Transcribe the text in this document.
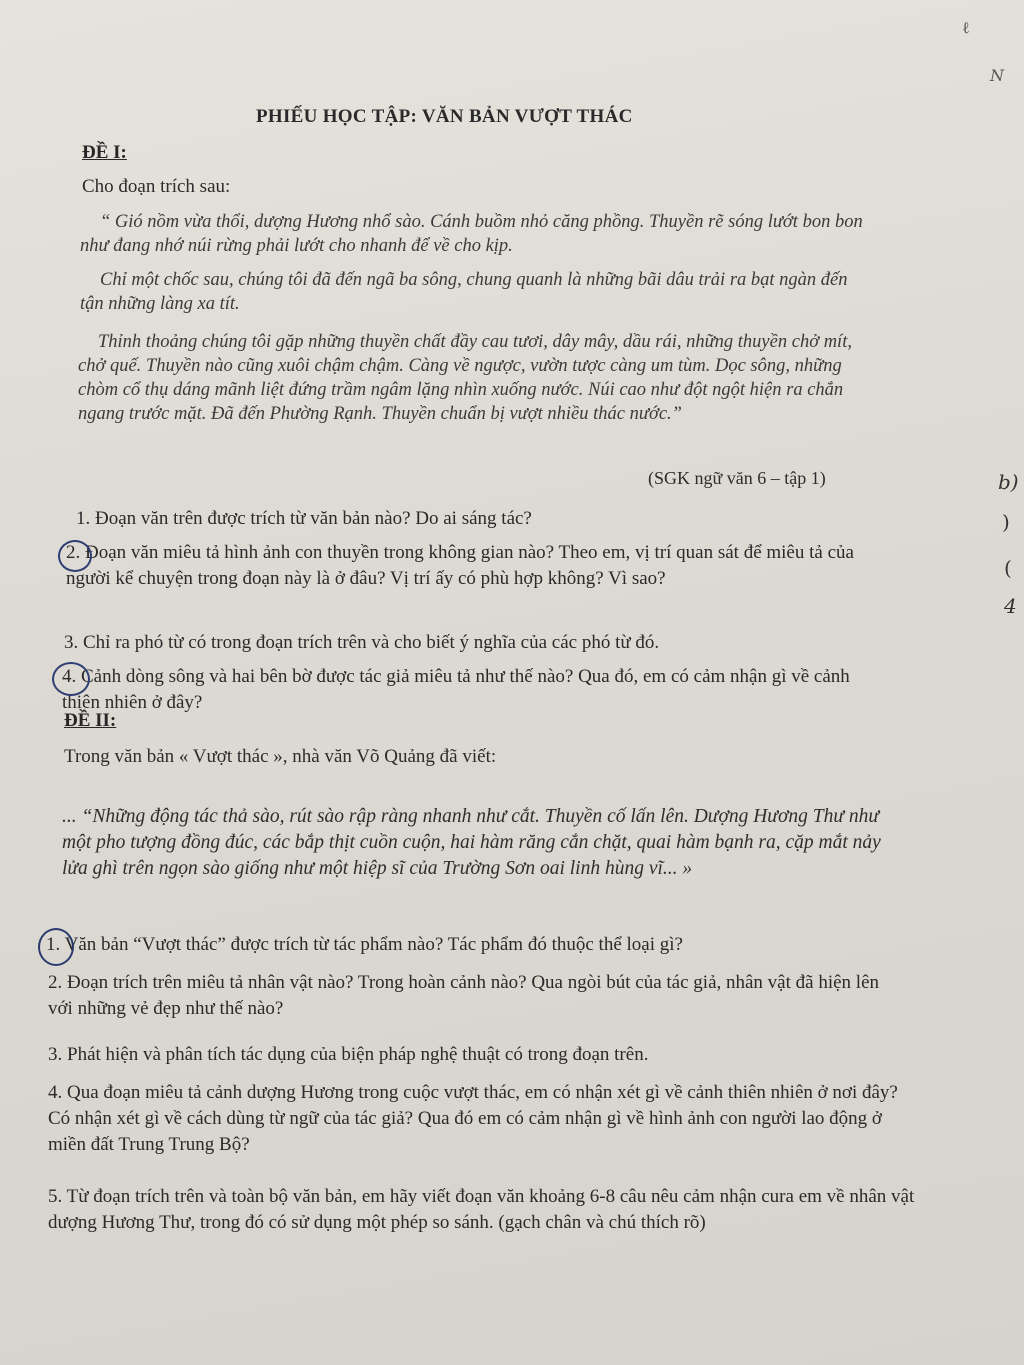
PHIẾU HỌC TẬP: VĂN BẢN VƯỢT THÁC
ĐỀ I:
Cho đoạn trích sau:
“ Gió nồm vừa thổi, dượng Hương nhổ sào. Cánh buồm nhỏ căng phồng. Thuyền rẽ sóng lướt bon bon như đang nhớ núi rừng phải lướt cho nhanh để về cho kịp.
Chỉ một chốc sau, chúng tôi đã đến ngã ba sông, chung quanh là những bãi dâu trải ra bạt ngàn đến tận những làng xa tít.
Thỉnh thoảng chúng tôi gặp những thuyền chất đầy cau tươi, dây mây, dầu rái, những thuyền chở mít, chở quế. Thuyền nào cũng xuôi chậm chậm. Càng về ngược, vườn tược càng um tùm. Dọc sông, những chòm cổ thụ dáng mãnh liệt đứng trầm ngâm lặng nhìn xuống nước. Núi cao như đột ngột hiện ra chắn ngang trước mặt. Đã đến Phường Rạnh. Thuyền chuẩn bị vượt nhiều thác nước.”
(SGK ngữ văn 6 – tập 1)
1. Đoạn văn trên được trích từ văn bản nào? Do ai sáng tác?
2. Đoạn văn miêu tả hình ảnh con thuyền trong không gian nào? Theo em, vị trí quan sát để miêu tả của người kể chuyện trong đoạn này là ở đâu? Vị trí ấy có phù hợp không? Vì sao?
3. Chỉ ra phó từ có trong đoạn trích trên và cho biết ý nghĩa của các phó từ đó.
4. Cảnh dòng sông và hai bên bờ được tác giả miêu tả như thế nào? Qua đó, em có cảm nhận gì về cảnh thiên nhiên ở đây?
ĐỀ II:
Trong văn bản « Vượt thác », nhà văn Võ Quảng đã viết:
... “Những động tác thả sào, rút sào rập ràng nhanh như cắt. Thuyền cố lấn lên. Dượng Hương Thư như một pho tượng đồng đúc, các bắp thịt cuồn cuộn, hai hàm răng cắn chặt, quai hàm bạnh ra, cặp mắt nảy lửa ghì trên ngọn sào giống như một hiệp sĩ của Trường Sơn oai linh hùng vĩ... »
1. Văn bản “Vượt thác” được trích từ tác phẩm nào? Tác phẩm đó thuộc thể loại gì?
2. Đoạn trích trên miêu tả nhân vật nào? Trong hoàn cảnh nào? Qua ngòi bút của tác giả, nhân vật đã hiện lên với những vẻ đẹp như thế nào?
3. Phát hiện và phân tích tác dụng của biện pháp nghệ thuật có trong đoạn trên.
4. Qua đoạn miêu tả cảnh dượng Hương trong cuộc vượt thác, em có nhận xét gì về cảnh thiên nhiên ở nơi đây? Có nhận xét gì về cách dùng từ ngữ của tác giả? Qua đó em có cảm nhận gì về hình ảnh con người lao động ở miền đất Trung Trung Bộ?
5. Từ đoạn trích trên và toàn bộ văn bản, em hãy viết đoạn văn khoảng 6-8 câu nêu cảm nhận cura em về nhân vật dượng Hương Thư, trong đó có sử dụng một phép so sánh. (gạch chân và chú thích rõ)
b)
)
(
4
ℓ
N
